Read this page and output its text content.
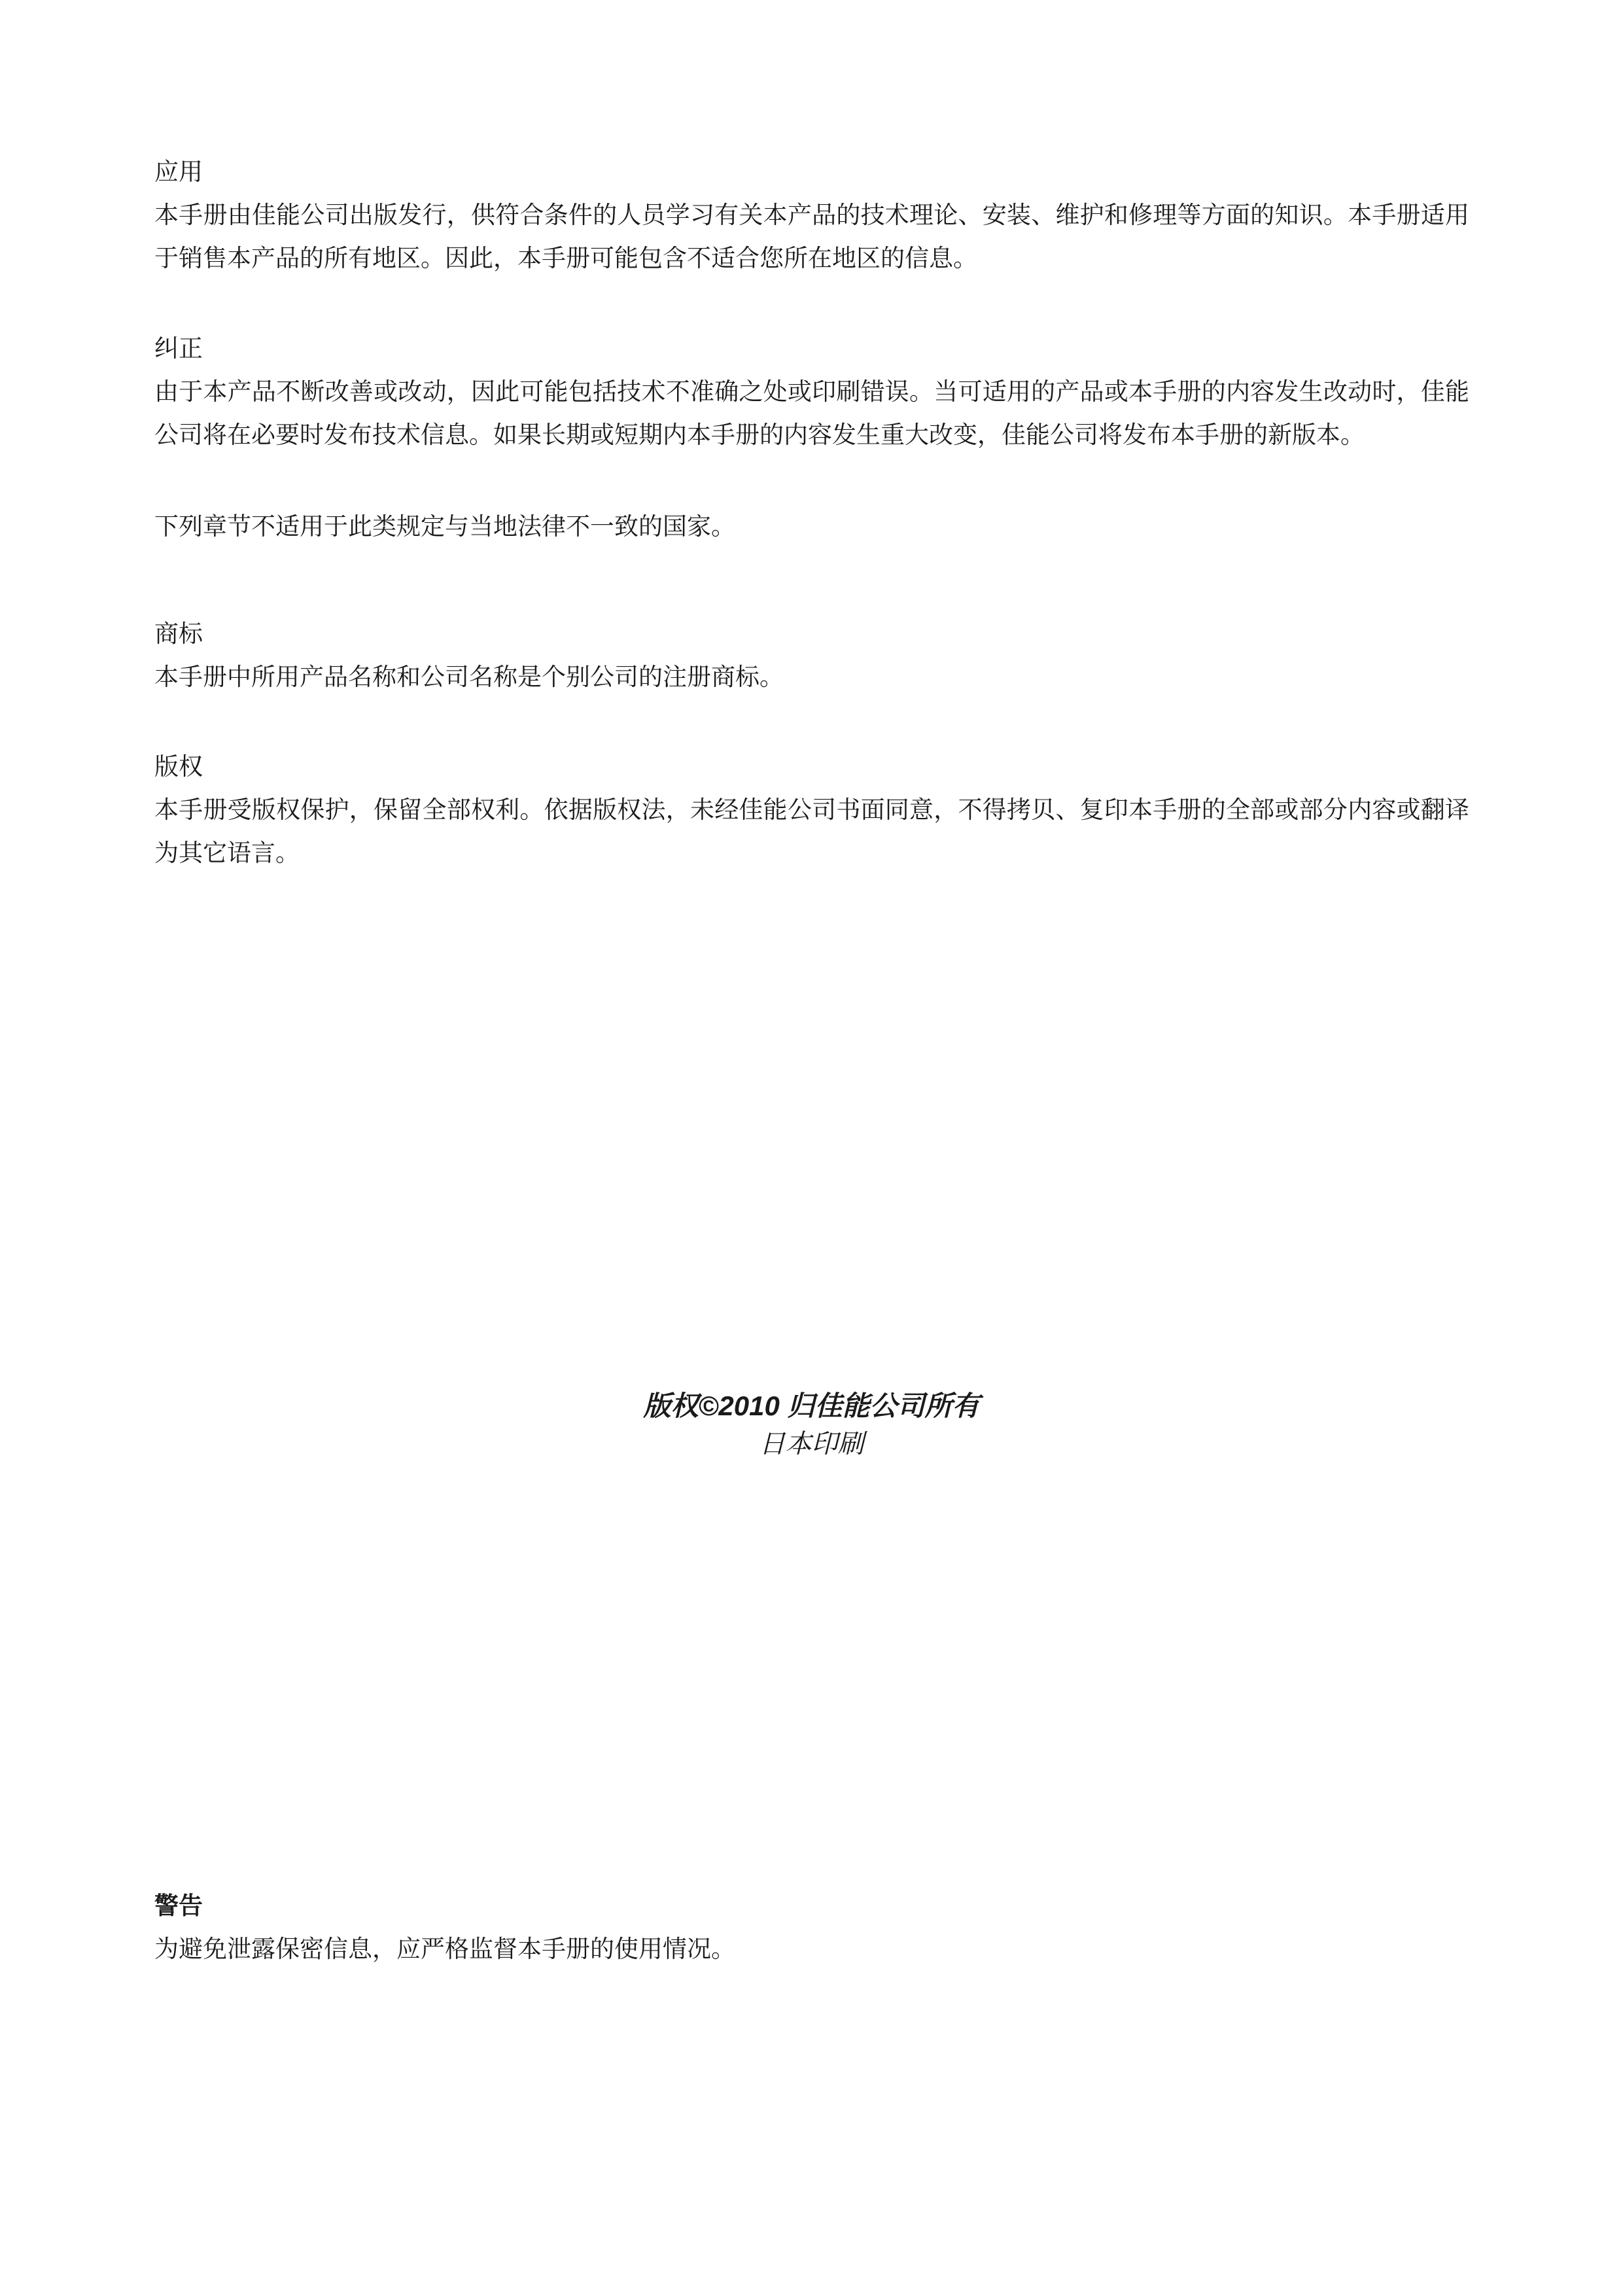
应用

本手册由佳能公司出版发行，供符合条件的人员学习有关本产品的技术理论、安装、维护和修理等方面的知识。本手册适用于销售本产品的所有地区。因此，本手册可能包含不适合您所在地区的信息。

纠正

由于本产品不断改善或改动，因此可能包括技术不准确之处或印刷错误。当可适用的产品或本手册的内容发生改动时，佳能公司将在必要时发布技术信息。如果长期或短期内本手册的内容发生重大改变，佳能公司将发布本手册的新版本。

下列章节不适用于此类规定与当地法律不一致的国家。

商标

本手册中所用产品名称和公司名称是个别公司的注册商标。

版权

本手册受版权保护，保留全部权利。依据版权法，未经佳能公司书面同意，不得拷贝、复印本手册的全部或部分内容或翻译为其它语言。

版权©2010 归佳能公司所有
日本印刷

警告

为避免泄露保密信息，应严格监督本手册的使用情况。
